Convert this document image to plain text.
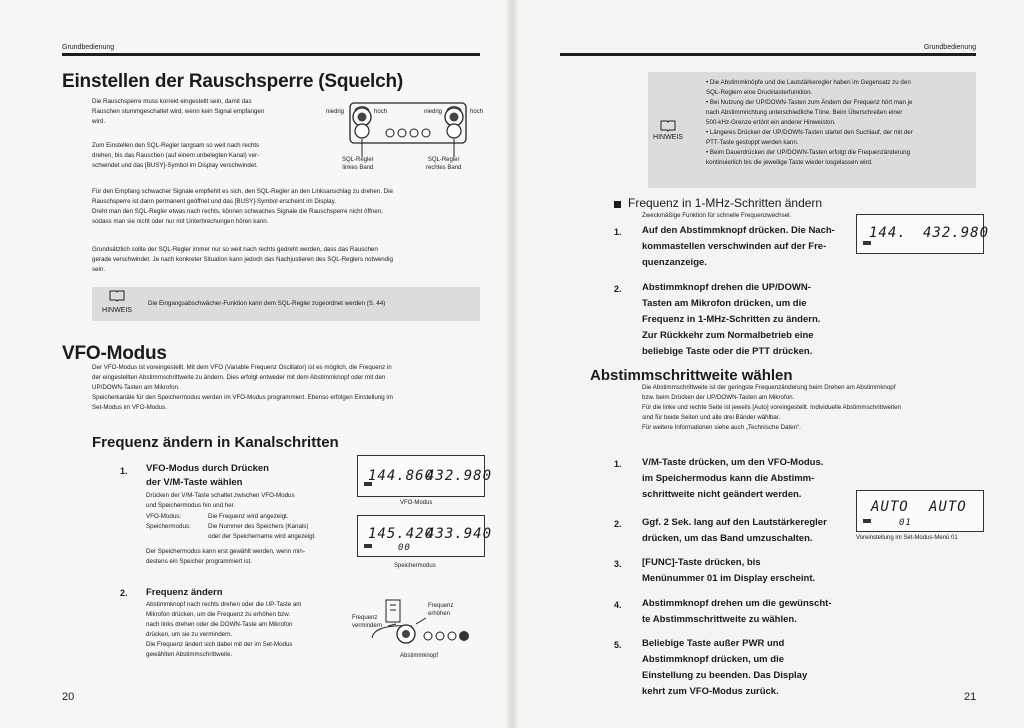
Grundbedienung
Einstellen der Rauschsperre (Squelch)
Die Rauschsperre muss korrekt eingestellt sein, damit das
Rauschen stummgeschaltet wird, wenn kein Signal empfangen
wird.
Zum Einstellen den SQL-Regler langsam so weit nach rechts
drehen, bis das Rauschen (auf einem unbelegten Kanal) ver-
schwindet und das [BUSY]-Symbol im Display verschwindet.
niedrig	hoch	niedrig	hoch
SQL-Regler
linkes Band
SQL-Regler
rechtes Band
Für den Empfang schwacher Signale empfiehlt es sich, den SQL-Regler an den Linksanschlag zu drehen. Die
Rauschsperre ist dann permanent geöffnet und das [BUSY]-Symbol erscheint im Display.
Dreht man den SQL-Regler etwas nach rechts, können schwaches Signale die Rauschsperre nicht öffnen,
sodass man sie nicht oder nur mit Unterbrechungen hören kann.
Grundsätzlich sollte der SQL-Regler immer nur so weit nach rechts gedreht werden, dass das Rauschen
gerade verschwindet. Je nach konkreter Situation kann jedoch das Nachjustieren des SQL-Reglers notwendig
sein.
HINWEIS
Die Eingangsabschwächer-Funktion kann dem SQL-Regler zugeordnet werden (S. 44)
VFO-Modus
Der VFO-Modus ist voreingestellt. Mit dem VFO (Variable Frequenz Oscillator) ist es möglich, die Frequenz in
der eingestellten Abstimmschrittweite zu ändern. Dies erfolgt entweder mit dem Abstimmknopf oder mit den
UP/DOWN-Tasten am Mikrofon.
Speicherkanäle für den Speichermodus werden im VFO-Modus programmiert. Ebenso erfolgen Einstellung im
Set-Modus im VFO-Modus.
Frequenz ändern in Kanalschritten
1. VFO-Modus durch Drücken
der V/M-Taste wählen
Drücken der V/M-Taste schaltet zwischen VFO-Modus
und Speichermodus hin und her.
VFO-Modus:	Die Frequenz wird angezeigt.
Speichermodus:	Die Nummer des Speichers (Kanals)
oder der Speichername wird angezeigt.
Der Speichermodus kann erst gewählt werden, wenn min-
destens ein Speicher programmiert ist.
144.860
432.980
VFO-Modus
145.420
433.940
00
Speichermodus
2. Frequenz ändern
Abstimmknopf nach rechts drehen oder die UP-Taste am
Mikrofon drücken, um die Frequenz zu erhöhen bzw.
nach links drehen oder die DOWN-Taste am Mikrofon
drücken, um sie zu vermindern.
Die Frequenz ändert sich dabei mit der im Set-Modus
gewählten Abstimmschrittweite.
Frequenz
erhöhen
Frequenz
vermindern
Abstimmknopf
20
Grundbedienung
HINWEIS
• Die Abstimmknöpfe und die Lautstärkeregler haben im Gegensatz zu den
SQL-Reglern eine Drucktasterfunktion.
• Bei Nutzung der UP/DOWN-Tasten zum Ändern der Frequenz hört man je
nach Abstimmrichtung unterschiedliche Töne. Beim Überschreiten einer
500-kHz-Grenze ertönt ein anderer Hinweiston.
• Längeres Drücken der UP/DOWN-Tasten startet den Suchlauf, der mit der
PTT-Taste gestoppt werden kann.
• Beim Dauerdrücken der UP/DOWN-Tasten erfolgt die Frequenzänderung
kontinuierlich bis die jeweilige Taste wieder losgelassen wird.
Frequenz in 1-MHz-Schritten ändern
Zweckmäßige Funktion für schnelle Frequenzwechsel.
1. Auf den Abstimmknopf drücken. Die Nach-
kommastellen verschwinden auf der Fre-
quenzanzeige.
144. 432.980
2. Abstimmknopf drehen die UP/DOWN-
Tasten am Mikrofon drücken, um die
Frequenz in 1-MHz-Schritten zu ändern.
Zur Rückkehr zum Normalbetrieb eine
beliebige Taste oder die PTT drücken.
Abstimmschrittweite wählen
Die Abstimmschrittweite ist der geringste Frequenzänderung beim Drehen am Abstimmknopf
bzw. beim Drücken der UP/DOWN-Tasten am Mikrofon.
Für die linke und rechte Seite ist jeweils [Auto] voreingestellt. Individuelle Abstimmschrittweiten
sind für beide Seiten und alle drei Bänder wählbar.
Für weitere Informationen siehe auch „Technische Daten“.
1. V/M-Taste drücken, um den VFO-Modus.
im Speichermodus kann die Abstimm-
schrittweite nicht geändert werden.
2. Ggf. 2 Sek. lang auf den Lautstärkeregler
drücken, um das Band umzuschalten.
3. [FUNC]-Taste drücken, bis
Menünummer 01 im Display erscheint.
4. Abstimmknopf drehen um die gewünscht-
te Abstimmschrittweite zu wählen.
5. Beliebige Taste außer PWR und
Abstimmknopf drücken, um die
Einstellung zu beenden. Das Display
kehrt zum VFO-Modus zurück.
AUTO AUTO
01
Voreinstellung im Set-Modus-Menü 01
21
